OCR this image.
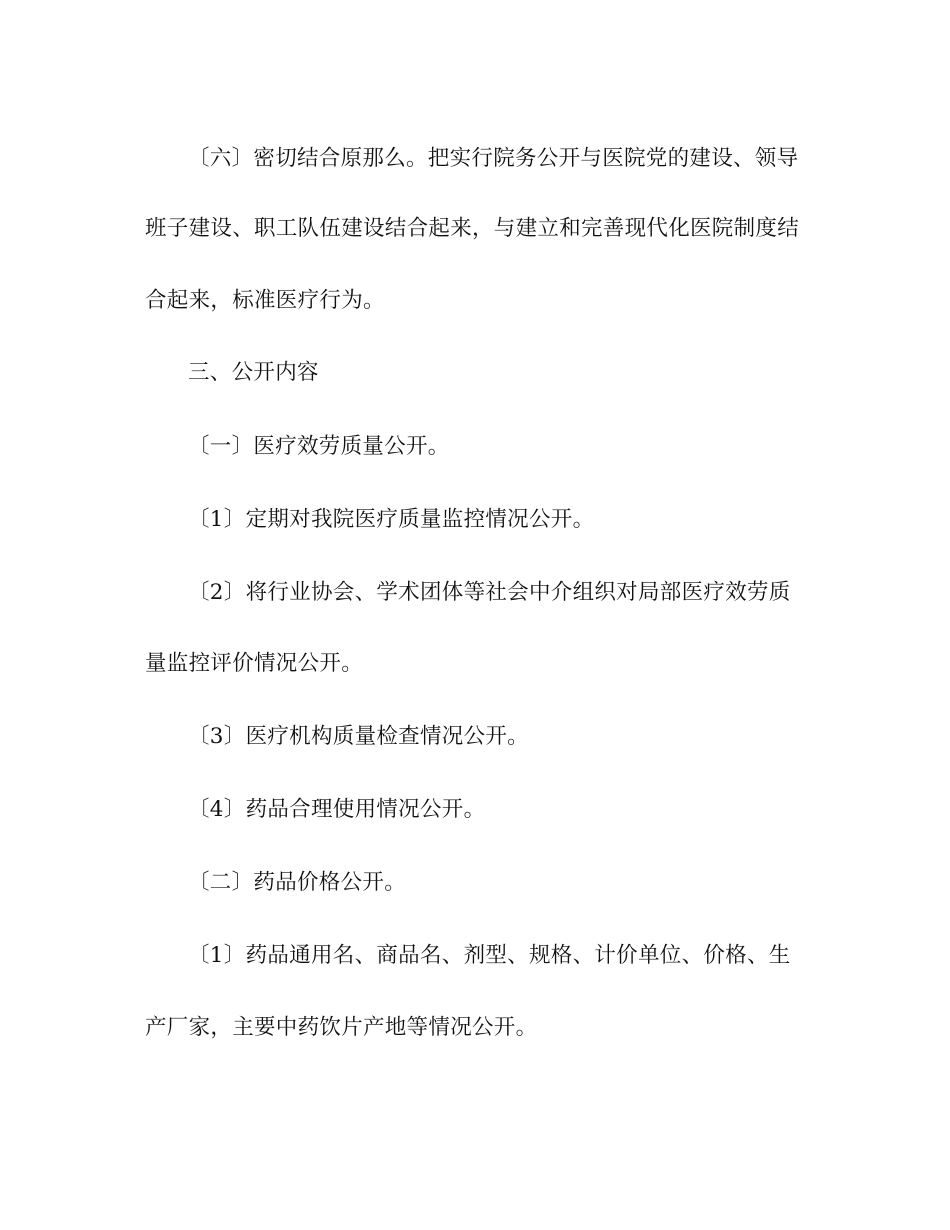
〔六〕密切结合原那么。把实行院务公开与医院党的建设、领导
班子建设、职工队伍建设结合起来，与建立和完善现代化医院制度结
合起来，标准医疗行为。
三、公开内容
〔一〕医疗效劳质量公开。
〔1〕定期对我院医疗质量监控情况公开。
〔2〕将行业协会、学术团体等社会中介组织对局部医疗效劳质
量监控评价情况公开。
〔3〕医疗机构质量检查情况公开。
〔4〕药品合理使用情况公开。
〔二〕药品价格公开。
〔1〕药品通用名、商品名、剂型、规格、计价单位、价格、生
产厂家，主要中药饮片产地等情况公开。
